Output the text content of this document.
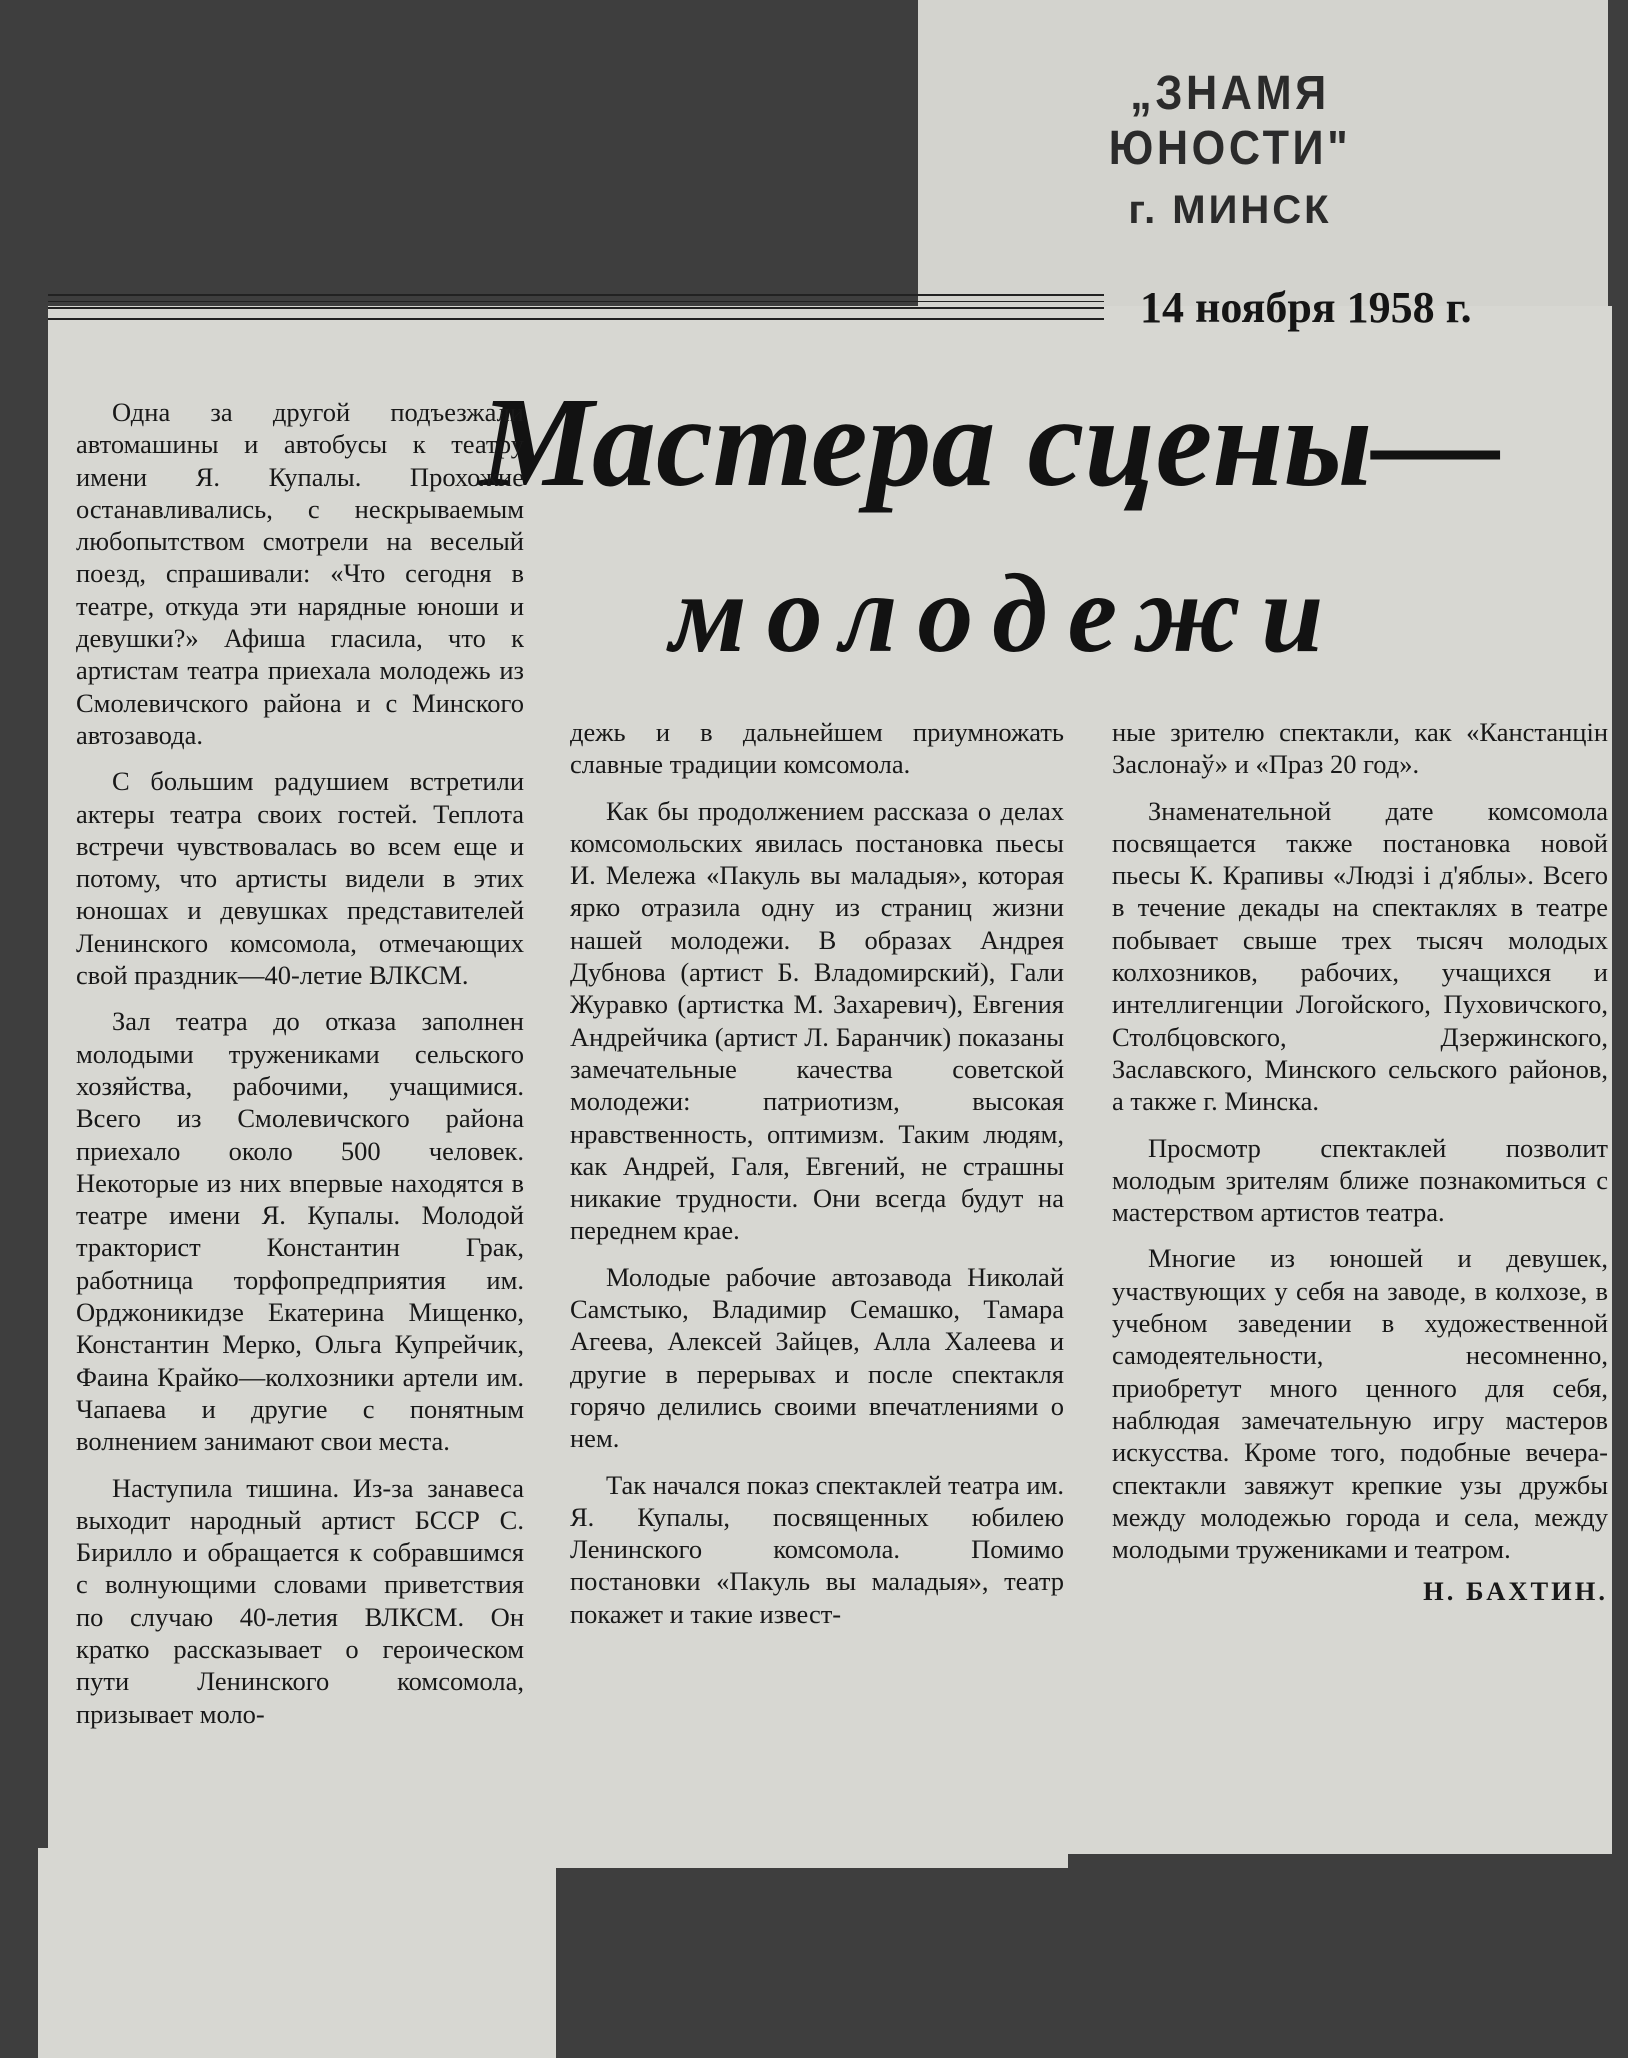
„ЗНАМЯ ЮНОСТИ"
г. МИНСК
14 ноября 1958 г.
Мастера сцены—
молодежи

Одна за другой подъезжали автомашины и автобусы к театру имени Я. Купалы. Прохожие останавливались, с нескрываемым любопытством смотрели на веселый поезд, спрашивали: «Что сегодня в театре, откуда эти нарядные юноши и девушки?» Афиша гласила, что к артистам театра приехала молодежь из Смолевичского района и с Минского автозавода.

С большим радушием встретили актеры театра своих гостей. Теплота встречи чувствовалась во всем еще и потому, что артисты видели в этих юношах и девушках представителей Ленинского комсомола, отмечающих свой праздник—40-летие ВЛКСМ.

Зал театра до отказа заполнен молодыми тружениками сельского хозяйства, рабочими, учащимися. Всего из Смолевичского района приехало около 500 человек. Некоторые из них впервые находятся в театре имени Я. Купалы. Молодой тракторист Константин Грак, работница торфопредприятия им. Орджоникидзе Екатерина Мищенко, Константин Мерко, Ольга Купрейчик, Фаина Крайко—колхозники артели им. Чапаева и другие с понятным волнением занимают свои места.

Наступила тишина. Из-за занавеса выходит народный артист БССР С. Бирилло и обращается к собравшимся с волнующими словами приветствия по случаю 40-летия ВЛКСМ. Он кратко рассказывает о героическом пути Ленинского комсомола, призывает моло-

дежь и в дальнейшем приумножать славные традиции комсомола.

Как бы продолжением рассказа о делах комсомольских явилась постановка пьесы И. Мележа «Пакуль вы маладыя», которая ярко отразила одну из страниц жизни нашей молодежи. В образах Андрея Дубнова (артист Б. Владомирский), Гали Журавко (артистка М. Захаревич), Евгения Андрейчика (артист Л. Баранчик) показаны замечательные качества советской молодежи: патриотизм, высокая нравственность, оптимизм. Таким людям, как Андрей, Галя, Евгений, не страшны никакие трудности. Они всегда будут на переднем крае.

Молодые рабочие автозавода Николай Самстыко, Владимир Семашко, Тамара Агеева, Алексей Зайцев, Алла Халеева и другие в перерывах и после спектакля горячо делились своими впечатлениями о нем.

Так начался показ спектаклей театра им. Я. Купалы, посвященных юбилею Ленинского комсомола. Помимо постановки «Пакуль вы маладыя», театр покажет и такие извест-

ные зрителю спектакли, как «Канстанцін Заслонаў» и «Праз 20 год».

Знаменательной дате комсомола посвящается также постановка новой пьесы К. Крапивы «Людзі і д'яблы». Всего в течение декады на спектаклях в театре побывает свыше трех тысяч молодых колхозников, рабочих, учащихся и интеллигенции Логойского, Пуховичского, Столбцовского, Дзержинского, Заславского, Минского сельского районов, а также г. Минска.

Просмотр спектаклей позволит молодым зрителям ближе познакомиться с мастерством артистов театра.

Многие из юношей и девушек, участвующих у себя на заводе, в колхозе, в учебном заведении в художественной самодеятельности, несомненно, приобретут много ценного для себя, наблюдая замечательную игру мастеров искусства. Кроме того, подобные вечера-спектакли завяжут крепкие узы дружбы между молодежью города и села, между молодыми тружениками и театром.

Н. БАХТИН.
